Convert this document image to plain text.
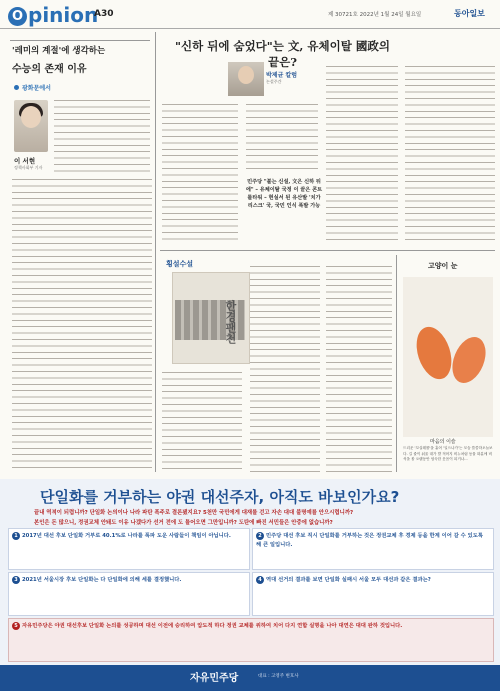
O pinion
A30	제 30721호 2022년 1월 24일 월요일	동아일보
'레미의 계절'에 생각하는
수능의 존재 이유
광화문에서
이 서현
정책사회부 기자
"신하 뒤에 숨었다"는 文, 유체이탈 國政의 끝은?
박제균 칼럼
논설주간
민주당 "불는 신설, 文은 신하 뒤에" – 유체이탈 국정 이 끝은 콘트롤타워 – 현실서 된 유산발 '치가 리스크' 국, 국민 인식 폭발 가능
횡설수설
한경팬천
고양이 눈
마음의 이슬
드리운 '꼬실레롤'을 흩어 '일으나가'는 모습 쓸쓸하오늘보다. 길 줄이 쉬울 대가 발 적어지 비누처럼 동물 화분에 비석을 볼 오랫동안 엄숙한 웃음이 되거나...
단일화를 거부하는 야권 대선주자, 아직도 바보인가요?
끝내 역적이 되렵니까? 단일화 논의이나 나라 파탄 폭주로 결론됐지요? 5천만 국민에게 대재를 걷고 자손 대대 불명예를 안으시렵니까?
본인은 돈 많으니, 정권교체 안돼도 이유 나겠다가 선거 전에 도 틀어오면 그만입니까? 도탄에 빠진 서민들은 안중에 없습니까?
1 2017년 대선 후보 단일화 거부로 40.1%로 나라를 폭파 도운 사람들이 책임이 아닙니다.	2 민주당 대선 후보 직시 단일화를 거부하는 것은 정권교체 후 경제 등을 한계 이어 갈 수 있도록 해 큰 일입니다.
3 2021년 서울시장 후보 단일화는 다 단일화에 의해 세를 결정했니다.	4 역대 선거의 결과를 보면 단일화 실패시 서울 모두 대선과 같은 결과는?
5 자유민주당은 야권 대선후보 단일화 논의를 성공하며 대선 이전에 승리하여 압도적 하다 정권 교체를 위하여 치어 다지 연합 실명을 나아 대연은 대대 완하 것입니다.
자유민주당	대표 : 고영주 변호사
